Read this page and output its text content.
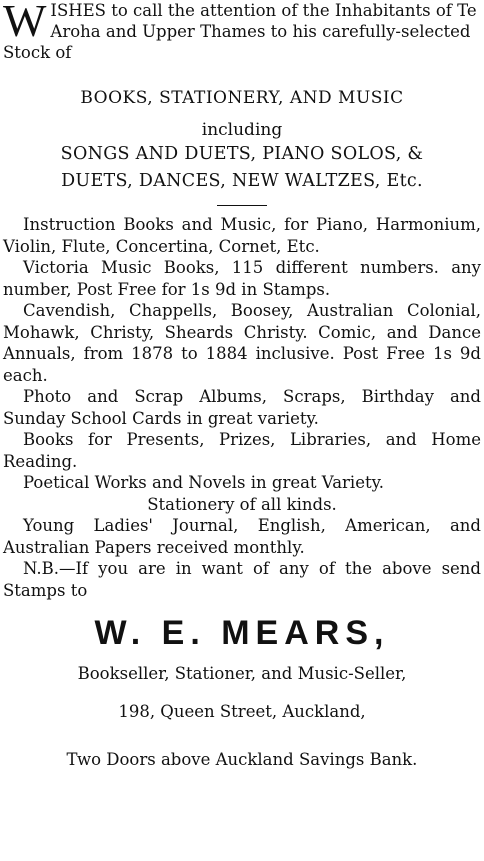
WISHES to call the attention of the Inhabitants of Te Aroha and Upper Thames to his carefully-selected Stock of

BOOKS, STATIONERY, AND MUSIC
including
SONGS AND DUETS, PIANO SOLOS, &
DUETS, DANCES, NEW WALTZES, Etc.

Instruction Books and Music, for Piano, Harmonium, Violin, Flute, Concertina, Cornet, Etc.

Victoria Music Books, 115 different numbers. any number, Post Free for 1s 9d in Stamps.

Cavendish, Chappells, Boosey, Australian Colonial, Mohawk, Christy, Sheards Christy. Comic, and Dance Annuals, from 1878 to 1884 inclusive. Post Free 1s 9d each.

Photo and Scrap Albums, Scraps, Birthday and Sunday School Cards in great variety.

Books for Presents, Prizes, Libraries, and Home Reading.

Poetical Works and Novels in great Variety.

Stationery of all kinds.

Young Ladies' Journal, English, American, and Australian Papers received monthly.

N.B.—If you are in want of any of the above send Stamps to

W. E. MEARS,
Bookseller, Stationer, and Music-Seller,
198, Queen Street, Auckland,
Two Doors above Auckland Savings Bank.
